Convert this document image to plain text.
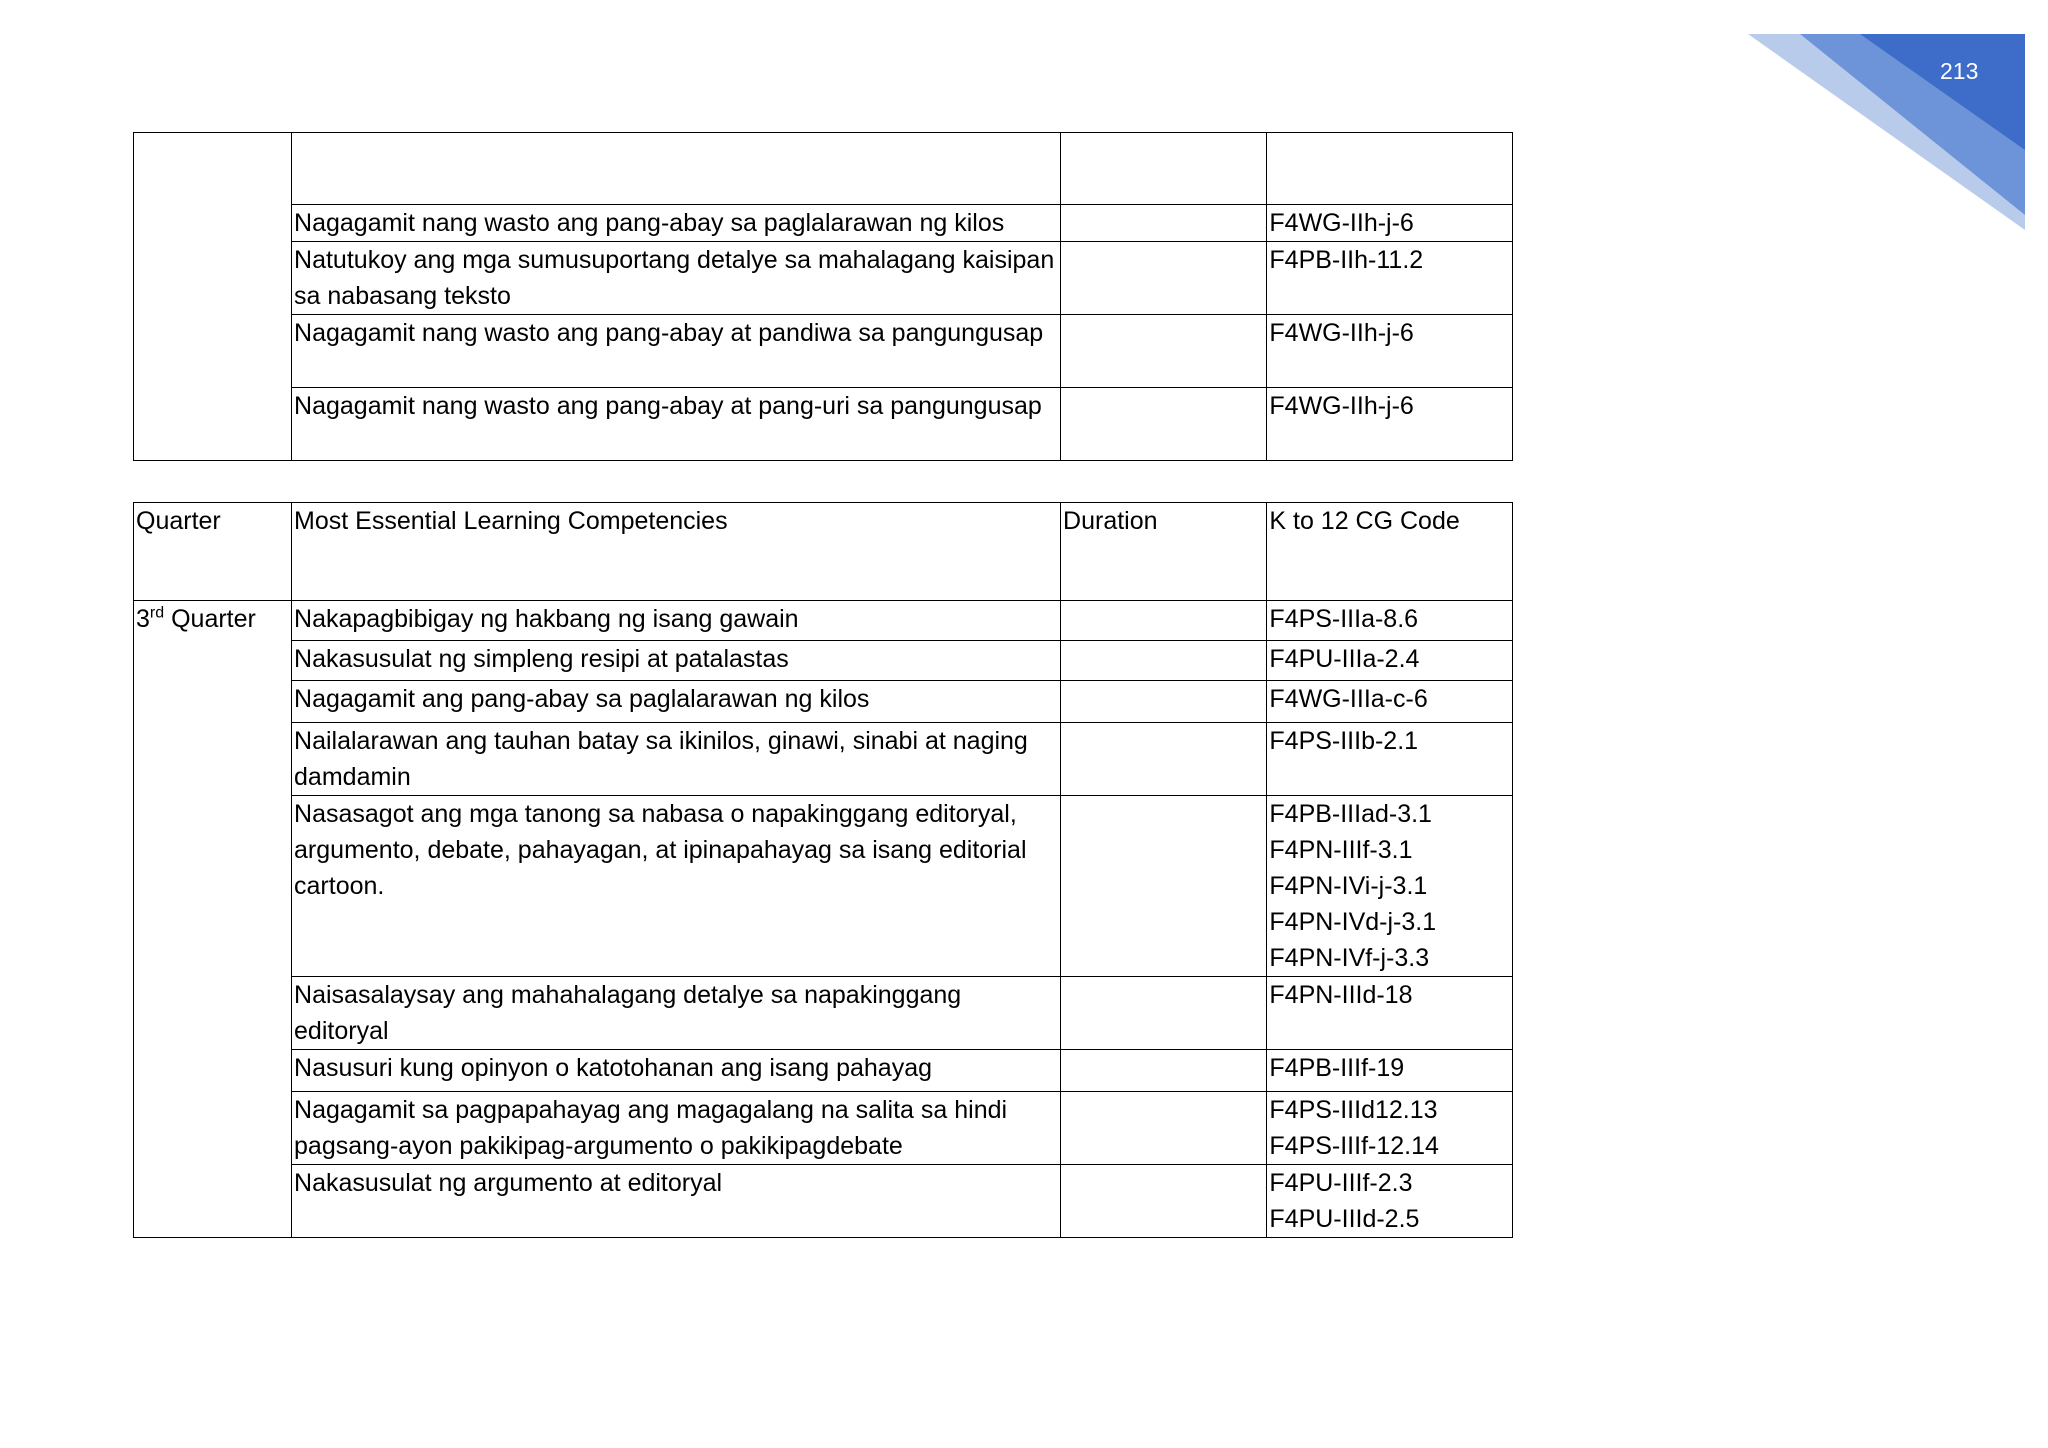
213

	Nagagamit nang wasto ang pang-abay sa paglalarawan ng kilos		F4WG-IIh-j-6
	Natutukoy ang mga sumusuportang detalye sa mahalagang kaisipan sa nabasang teksto		F4PB-IIh-11.2
	Nagagamit nang wasto ang pang-abay at pandiwa sa pangungusap		F4WG-IIh-j-6
	Nagagamit nang wasto ang pang-abay at pang-uri sa pangungusap		F4WG-IIh-j-6
Quarter	Most Essential Learning Competencies	Duration	K to 12 CG Code
3rd Quarter	Nakapagbibigay ng hakbang ng isang gawain		F4PS-IIIa-8.6

	Nakasusulat ng simpleng resipi at patalastas		F4PU-IIIa-2.4

	Nagagamit ang pang-abay sa paglalarawan ng kilos		F4WG-IIIa-c-6

	Nailalarawan ang tauhan batay sa ikinilos, ginawi, sinabi at naging damdamin		F4PS-IIIb-2.1

	Nasasagot ang mga tanong sa nabasa o napakinggang editoryal, argumento, debate, pahayagan, at ipinapahayag sa isang editorial cartoon.		F4PB-IIIad-3.1
F4PN-IIIf-3.1
F4PN-IVi-j-3.1
F4PN-IVd-j-3.1
F4PN-IVf-j-3.3

	Naisasalaysay ang mahahalagang detalye sa napakinggang editoryal		F4PN-IIId-18

	Nasusuri kung opinyon o katotohanan ang isang pahayag		F4PB-IIIf-19

	Nagagamit sa pagpapahayag ang magagalang na salita sa hindi pagsang-ayon pakikipag-argumento o pakikipagdebate		F4PS-IIId12.13
F4PS-IIIf-12.14

	Nakasusulat ng argumento at editoryal		F4PU-IIIf-2.3
F4PU-IIId-2.5
